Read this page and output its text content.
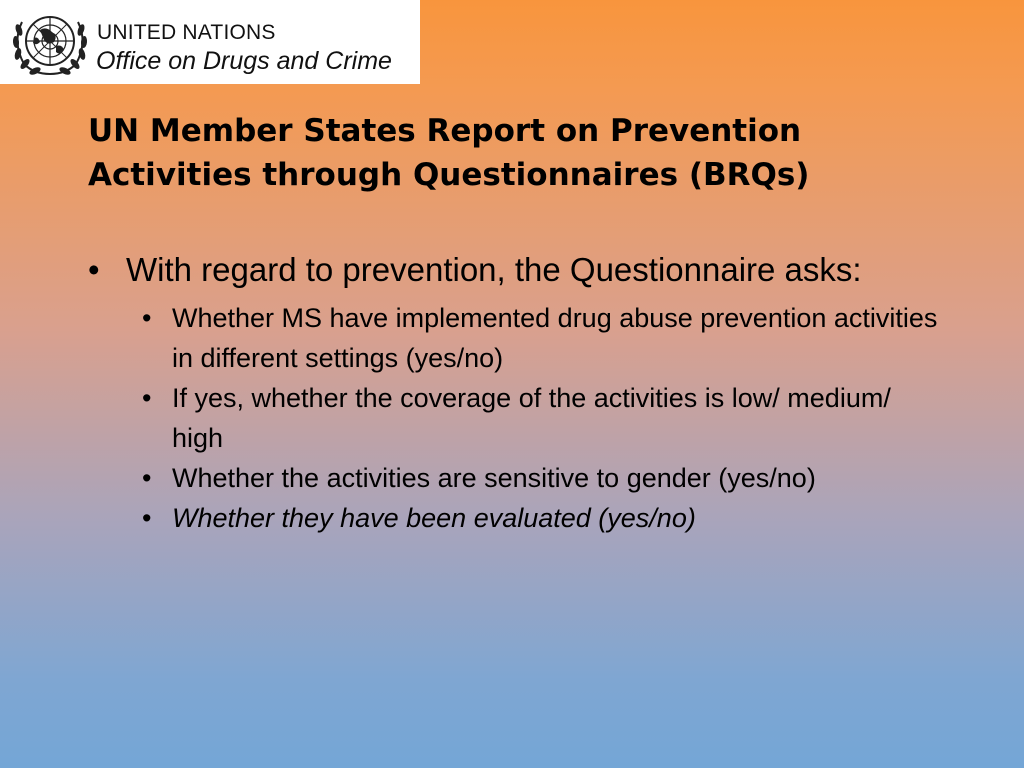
UNITED NATIONS
Office on Drugs and Crime
UN Member States Report on Prevention
Activities through Questionnaires (BRQs)
• With regard to prevention, the Questionnaire asks:
• Whether MS have implemented drug abuse prevention activities in different settings (yes/no)
• If yes, whether the coverage of the activities is low/ medium/ high
• Whether the activities are sensitive to gender (yes/no)
• Whether they have been evaluated (yes/no)
